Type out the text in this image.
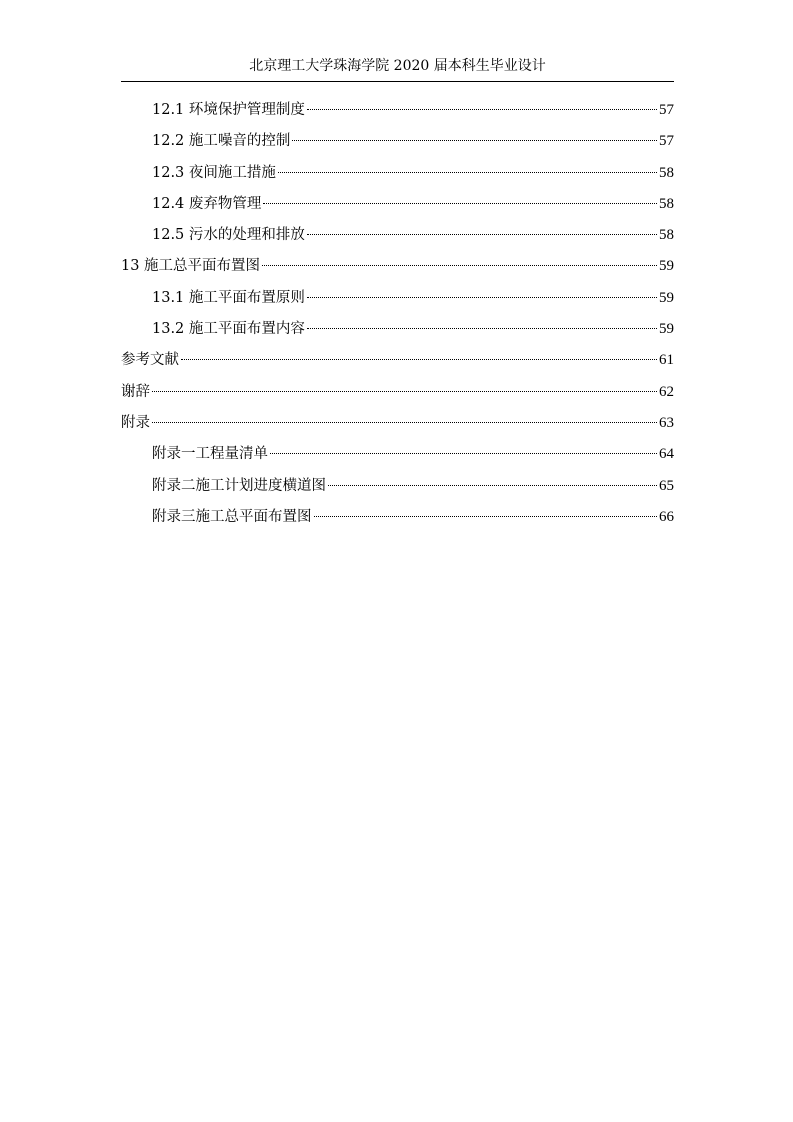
北京理工大学珠海学院 2020 届本科生毕业设计
12.1 环境保护管理制度	57
12.2 施工噪音的控制	57
12.3 夜间施工措施	58
12.4 废弃物管理	58
12.5 污水的处理和排放	58
13 施工总平面布置图	59
13.1 施工平面布置原则	59
13.2 施工平面布置内容	59
参考文献	61
谢辞	62
附录	63
附录一工程量清单	64
附录二施工计划进度横道图	65
附录三施工总平面布置图	66
